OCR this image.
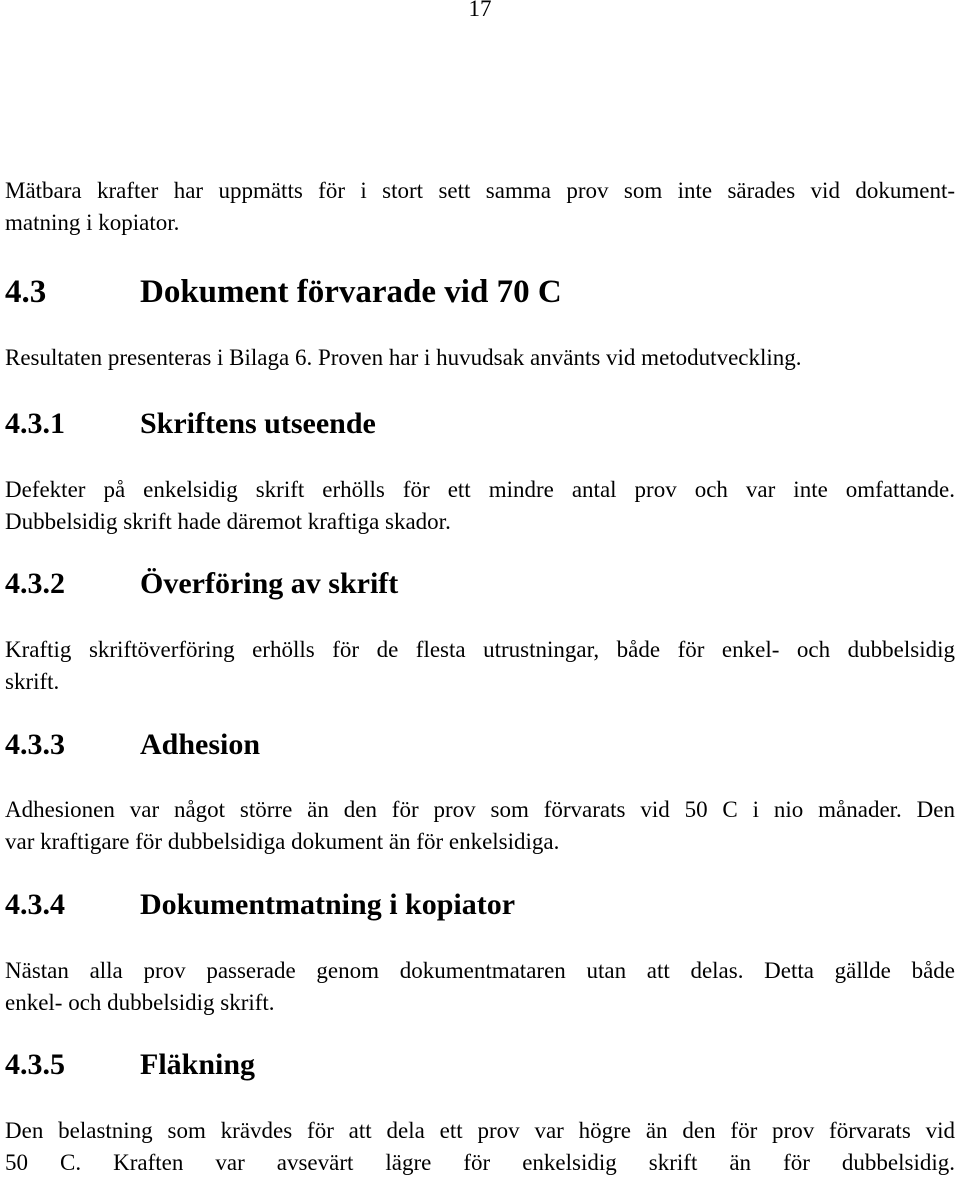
17

Mätbara krafter har uppmätts för i stort sett samma prov som inte särades vid dokument-
matning i kopiator.

4.3	Dokument förvarade vid 70 C

Resultaten presenteras i Bilaga 6. Proven har i huvudsak använts vid metodutveckling.

4.3.1	Skriftens utseende

Defekter på enkelsidig skrift erhölls för ett mindre antal prov och var inte omfattande.
Dubbelsidig skrift hade däremot kraftiga skador.

4.3.2	Överföring av skrift

Kraftig skriftöverföring erhölls för de flesta utrustningar, både för enkel- och dubbelsidig
skrift.

4.3.3	Adhesion

Adhesionen var något större än den för prov som förvarats vid 50 C i nio månader. Den
var kraftigare för dubbelsidiga dokument än för enkelsidiga.

4.3.4	Dokumentmatning i kopiator

Nästan alla prov passerade genom dokumentmataren utan att delas. Detta gällde både
enkel- och dubbelsidig skrift.

4.3.5	Fläkning

Den belastning som krävdes för att dela ett prov var högre än den för prov förvarats vid
50 C. Kraften var avsevärt lägre för enkelsidig skrift än för dubbelsidig.
